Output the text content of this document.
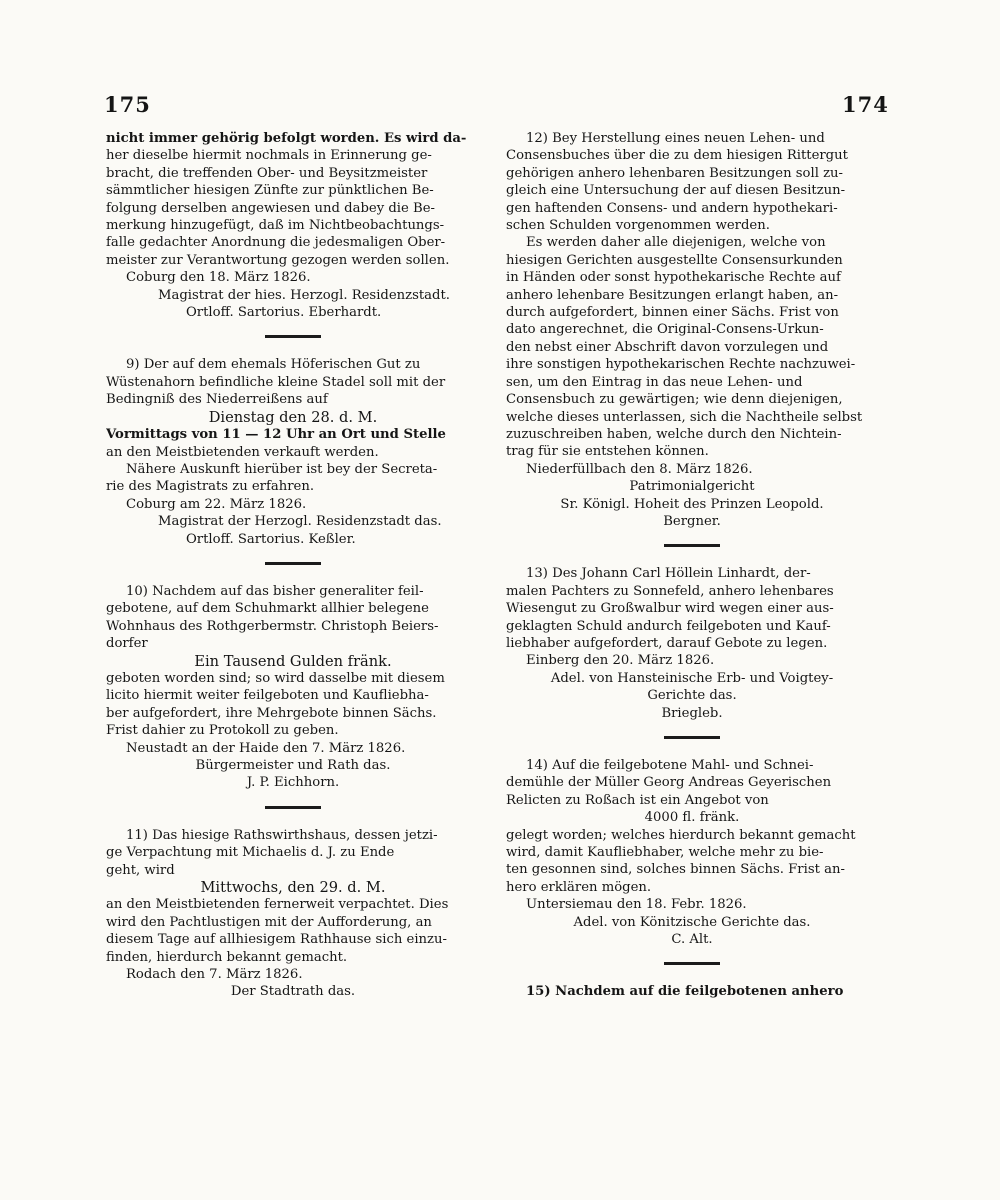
175	174
nicht immer gehörig befolgt worden. Es wird da-
her dieselbe hiermit nochmals in Erinnerung ge-
bracht, die treffenden Ober- und Beysitzmeister
sämmtlicher hiesigen Zünfte zur pünktlichen Be-
folgung derselben angewiesen und dabey die Be-
merkung hinzugefügt, daß im Nichtbeobachtungs-
falle gedachter Anordnung die jedesmaligen Ober-
meister zur Verantwortung gezogen werden sollen.
Coburg den 18. März 1826.
Magistrat der hies. Herzogl. Residenzstadt.
Ortloff. Sartorius. Eberhardt.
9) Der auf dem ehemals Höferischen Gut zu
Wüstenahorn befindliche kleine Stadel soll mit der
Bedingniß des Niederreißens auf
Dienstag den 28. d. M.
Vormittags von 11 — 12 Uhr an Ort und Stelle
an den Meistbietenden verkauft werden.
Nähere Auskunft hierüber ist bey der Secreta-
rie des Magistrats zu erfahren.
Coburg am 22. März 1826.
Magistrat der Herzogl. Residenzstadt das.
Ortloff. Sartorius. Keßler.
10) Nachdem auf das bisher generaliter feil-
gebotene, auf dem Schuhmarkt allhier belegene
Wohnhaus des Rothgerbermstr. Christoph Beiers-
dorfer
Ein Tausend Gulden fränk.
geboten worden sind; so wird dasselbe mit diesem
licito hiermit weiter feilgeboten und Kaufliebha-
ber aufgefordert, ihre Mehrgebote binnen Sächs.
Frist dahier zu Protokoll zu geben.
Neustadt an der Haide den 7. März 1826.
Bürgermeister und Rath das.
J. P. Eichhorn.
11) Das hiesige Rathswirthshaus, dessen jetzi-
ge Verpachtung mit Michaelis d. J. zu Ende
geht, wird
Mittwochs, den 29. d. M.
an den Meistbietenden fernerweit verpachtet. Dies
wird den Pachtlustigen mit der Aufforderung, an
diesem Tage auf allhiesigem Rathhause sich einzu-
finden, hierdurch bekannt gemacht.
Rodach den 7. März 1826.
Der Stadtrath das.
12) Bey Herstellung eines neuen Lehen- und
Consensbuches über die zu dem hiesigen Rittergut
gehörigen anhero lehenbaren Besitzungen soll zu-
gleich eine Untersuchung der auf diesen Besitzun-
gen haftenden Consens- und andern hypothekari-
schen Schulden vorgenommen werden.
Es werden daher alle diejenigen, welche von
hiesigen Gerichten ausgestellte Consensurkunden
in Händen oder sonst hypothekarische Rechte auf
anhero lehenbare Besitzungen erlangt haben, an-
durch aufgefordert, binnen einer Sächs. Frist von
dato angerechnet, die Original-Consens-Urkun-
den nebst einer Abschrift davon vorzulegen und
ihre sonstigen hypothekarischen Rechte nachzuwei-
sen, um den Eintrag in das neue Lehen- und
Consensbuch zu gewärtigen; wie denn diejenigen,
welche dieses unterlassen, sich die Nachtheile selbst
zuzuschreiben haben, welche durch den Nichtein-
trag für sie entstehen können.
Niederfüllbach den 8. März 1826.
Patrimonialgericht
Sr. Königl. Hoheit des Prinzen Leopold.
Bergner.
13) Des Johann Carl Höllein Linhardt, der-
malen Pachters zu Sonnefeld, anhero lehenbares
Wiesengut zu Großwalbur wird wegen einer aus-
geklagten Schuld andurch feilgeboten und Kauf-
liebhaber aufgefordert, darauf Gebote zu legen.
Einberg den 20. März 1826.
Adel. von Hansteinische Erb- und Voigtey-
Gerichte das.
Briegleb.
14) Auf die feilgebotene Mahl- und Schnei-
demühle der Müller Georg Andreas Geyerischen
Relicten zu Roßach ist ein Angebot von
4000 fl. fränk.
gelegt worden; welches hierdurch bekannt gemacht
wird, damit Kaufliebhaber, welche mehr zu bie-
ten gesonnen sind, solches binnen Sächs. Frist an-
hero erklären mögen.
Untersiemau den 18. Febr. 1826.
Adel. von Könitzische Gerichte das.
C. Alt.
15) Nachdem auf die feilgebotenen anhero
